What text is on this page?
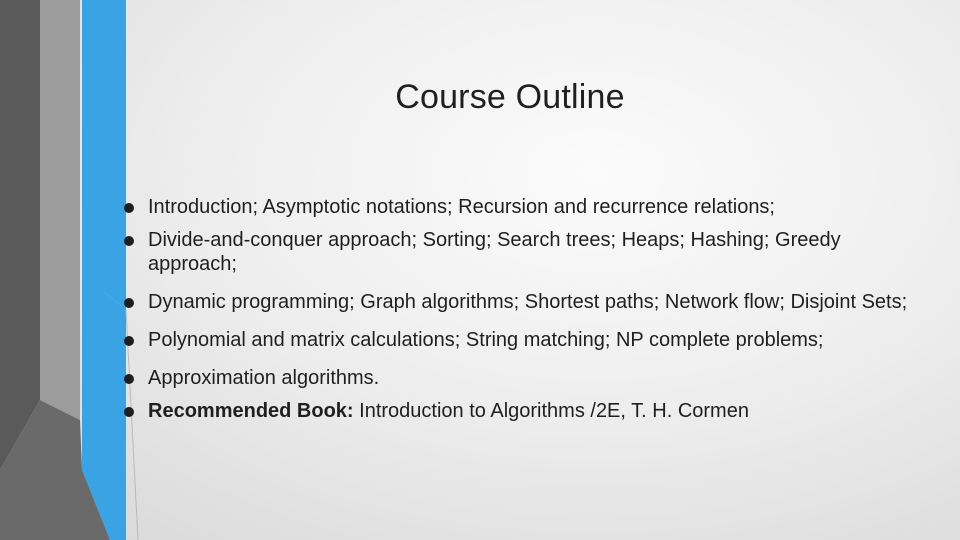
Course Outline
Introduction; Asymptotic notations; Recursion and recurrence relations;
Divide-and-conquer approach; Sorting; Search trees; Heaps; Hashing; Greedy approach;
Dynamic programming; Graph algorithms; Shortest paths; Network flow; Disjoint Sets;
Polynomial and matrix calculations; String matching; NP complete problems;
Approximation algorithms.
Recommended Book: Introduction to Algorithms /2E, T. H. Cormen
